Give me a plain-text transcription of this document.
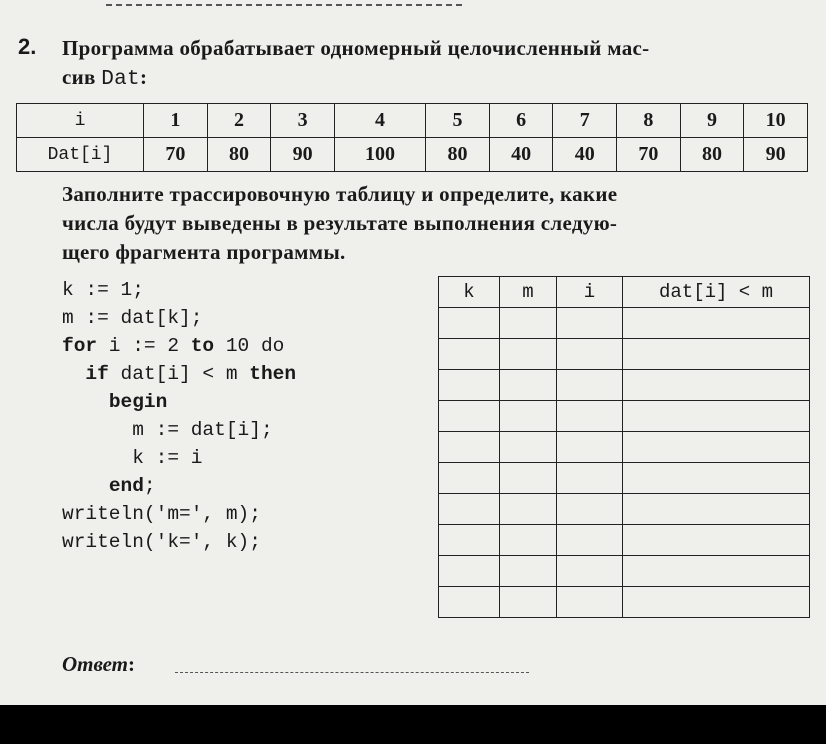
2. Программа обрабатывает одномерный целочисленный мас-
сив Dat:
i	1	2	3	4	5	6	7	8	9	10
Dat[i]	70	80	90	100	80	40	40	70	80	90
Заполните трассировочную таблицу и определите, какие
числа будут выведены в результате выполнения следую-
щего фрагмента программы.
k := 1;
m := dat[k];
for i := 2 to 10 do
if dat[i] < m then
begin
m := dat[i];
k := i
end;
writeln('m=', m);
writeln('k=', k);
k	m	i	dat[i] < m

Ответ:
